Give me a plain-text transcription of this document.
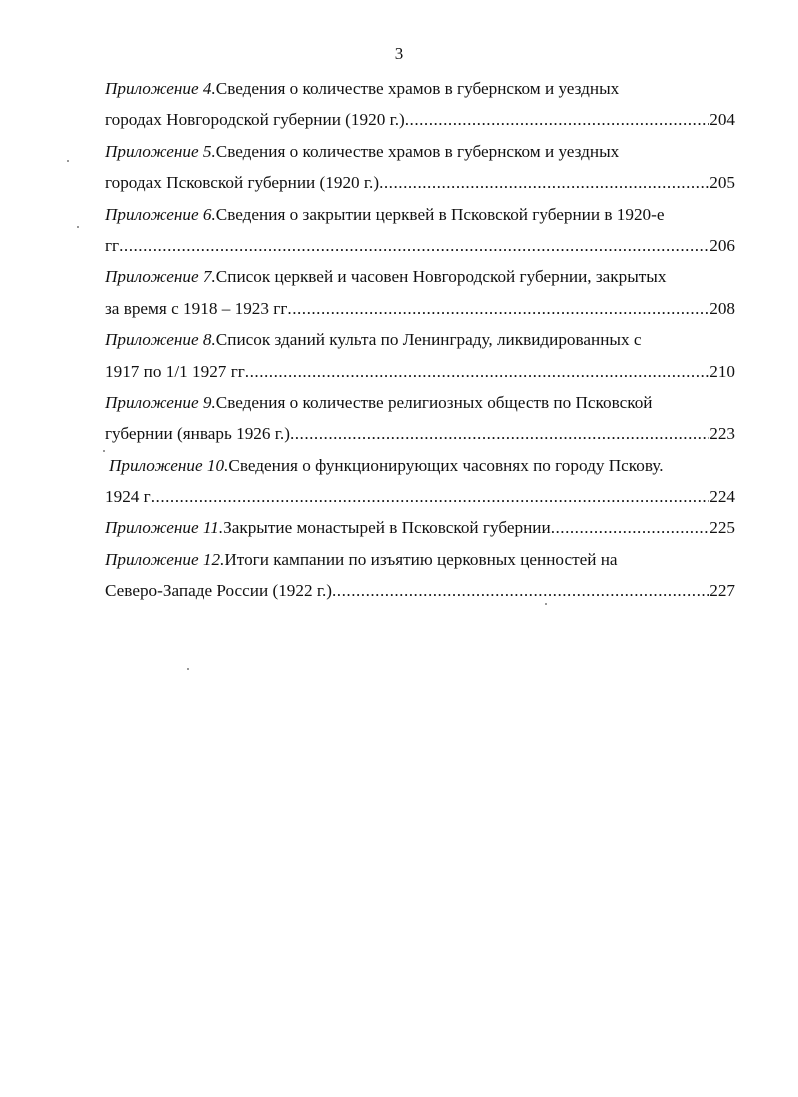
3
Приложение 4. Сведения о количестве храмов в губернском и уездных
городах Новгородской губернии (1920 г.) .....	204
Приложение 5. Сведения о количестве храмов в губернском и уездных
городах Псковской губернии (1920 г.) .....	205
Приложение 6. Сведения о закрытии церквей в Псковской губернии в 1920-е
гг .....	206
Приложение 7. Список церквей и часовен Новгородской губернии, закрытых
за время с 1918 – 1923 гг .....	208
Приложение 8. Список зданий культа по Ленинграду, ликвидированных с
1917 по 1/1 1927 гг .....	210
Приложение 9. Сведения о количестве религиозных обществ по Псковской
губернии (январь 1926 г.) .....	223
Приложение 10. Сведения о функционирующих часовнях по городу Пскову.
1924 г .....	224
Приложение 11. Закрытие монастырей в Псковской губернии .....	225
Приложение 12. Итоги кампании по изъятию церковных ценностей на
Северо-Западе России (1922 г.) .....	227
